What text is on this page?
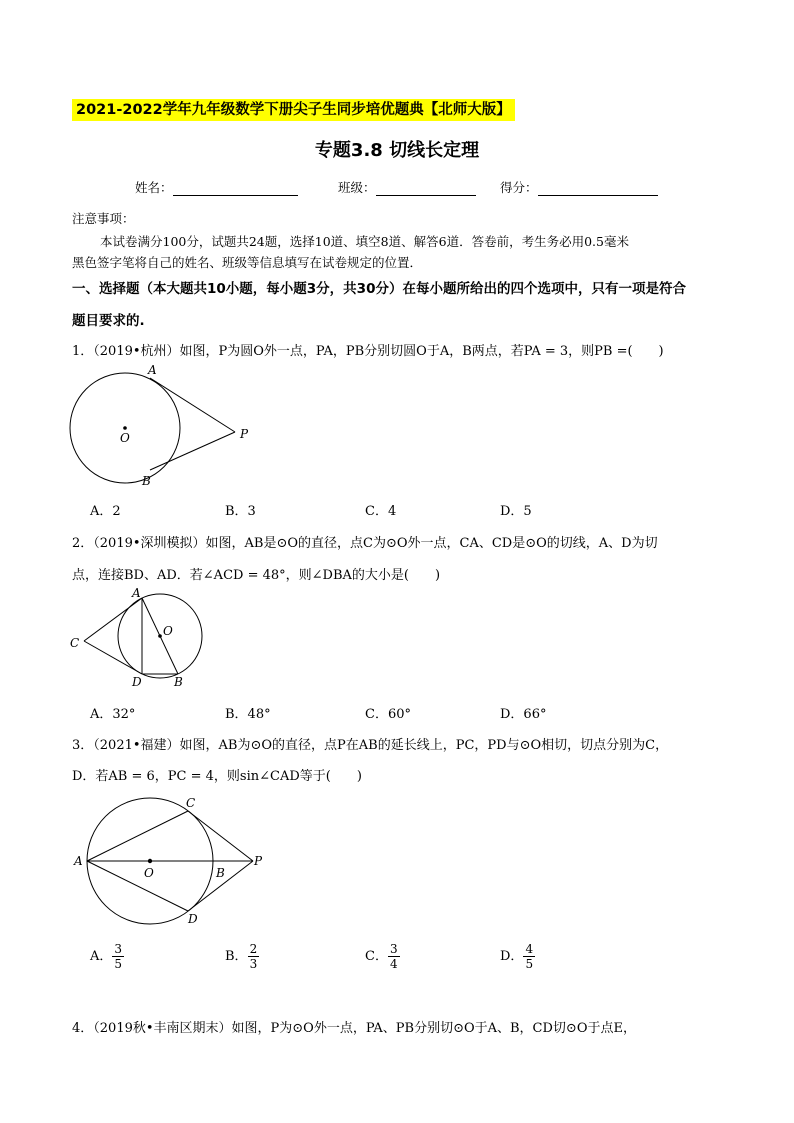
2021-2022学年九年级数学下册尖子生同步培优题典【北师大版】
专题3.8 切线长定理
姓名：	班级：	得分：
注意事项：
本试卷满分100分，试题共24题，选择10道、填空8道、解答6道．答卷前，考生务必用0.5毫米
黑色签字笔将自己的姓名、班级等信息填写在试卷规定的位置．
一、选择题（本大题共10小题，每小题3分，共30分）在每小题所给出的四个选项中，只有一项是符合
题目要求的.
1．（2019•杭州）如图，P为圆O外一点，PA，PB分别切圆O于A，B两点，若PA = 3，则PB =(　　)
A
B
O	P
A．2	B．3	C．4	D．5
2．（2019•深圳模拟）如图，AB是⊙O的直径，点C为⊙O外一点，CA、CD是⊙O的切线，A、D为切
点，连接BD、AD．若∠ACD = 48°，则∠DBA的大小是(　　)
A
B
C
D
O
A．32°	B．48°	C．60°	D．66°
3．（2021•福建）如图，AB为⊙O的直径，点P在AB的延长线上，PC，PD与⊙O相切，切点分别为C，
D．若AB = 6，PC = 4，则sin∠CAD等于(　　)
A
B
C
D
O
P
A． $\frac{3}{5}$	B． $\frac{2}{3}$	C． $\frac{3}{4}$	D． $\frac{4}{5}$
4．（2019秋•丰南区期末）如图，P为⊙O外一点，PA、PB分别切⊙O于A、B，CD切⊙O于点E，
